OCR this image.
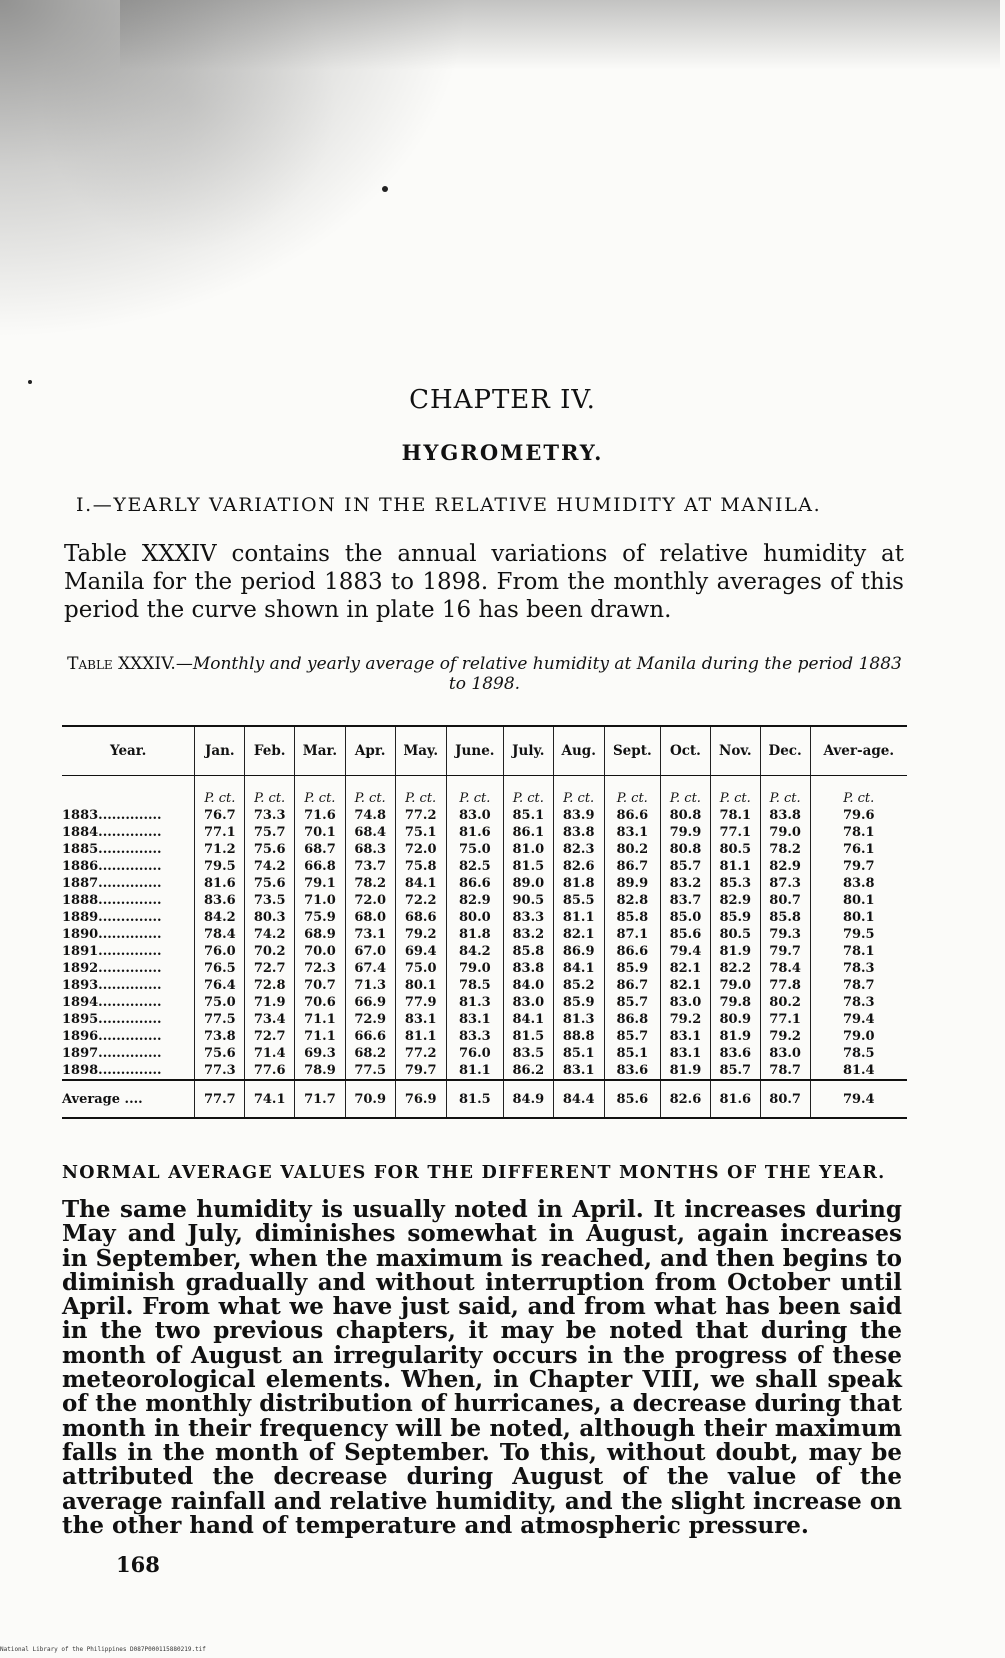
CHAPTER IV.
HYGROMETRY.
I.—YEARLY VARIATION IN THE RELATIVE HUMIDITY AT MANILA.
Table XXXIV contains the annual variations of relative humidity at Manila for the period 1883 to 1898. From the monthly averages of this period the curve shown in plate 16 has been drawn.
Table XXXIV.—Monthly and yearly average of relative humidity at Manila during the period 1883 to 1898.
Year.	Jan.	Feb.	Mar.	Apr.	May.	June.	July.	Aug.	Sept.	Oct.	Nov.	Dec.	Aver-age.
	P. ct.	P. ct.	P. ct.	P. ct.	P. ct.	P. ct.	P. ct.	P. ct.	P. ct.	P. ct.	P. ct.	P. ct.	P. ct.
1883..............	76.7	73.3	71.6	74.8	77.2	83.0	85.1	83.9	86.6	80.8	78.1	83.8	79.6
1884..............	77.1	75.7	70.1	68.4	75.1	81.6	86.1	83.8	83.1	79.9	77.1	79.0	78.1
1885..............	71.2	75.6	68.7	68.3	72.0	75.0	81.0	82.3	80.2	80.8	80.5	78.2	76.1
1886..............	79.5	74.2	66.8	73.7	75.8	82.5	81.5	82.6	86.7	85.7	81.1	82.9	79.7
1887..............	81.6	75.6	79.1	78.2	84.1	86.6	89.0	81.8	89.9	83.2	85.3	87.3	83.8
1888..............	83.6	73.5	71.0	72.0	72.2	82.9	90.5	85.5	82.8	83.7	82.9	80.7	80.1
1889..............	84.2	80.3	75.9	68.0	68.6	80.0	83.3	81.1	85.8	85.0	85.9	85.8	80.1
1890..............	78.4	74.2	68.9	73.1	79.2	81.8	83.2	82.1	87.1	85.6	80.5	79.3	79.5
1891..............	76.0	70.2	70.0	67.0	69.4	84.2	85.8	86.9	86.6	79.4	81.9	79.7	78.1
1892..............	76.5	72.7	72.3	67.4	75.0	79.0	83.8	84.1	85.9	82.1	82.2	78.4	78.3
1893..............	76.4	72.8	70.7	71.3	80.1	78.5	84.0	85.2	86.7	82.1	79.0	77.8	78.7
1894..............	75.0	71.9	70.6	66.9	77.9	81.3	83.0	85.9	85.7	83.0	79.8	80.2	78.3
1895..............	77.5	73.4	71.1	72.9	83.1	83.1	84.1	81.3	86.8	79.2	80.9	77.1	79.4
1896..............	73.8	72.7	71.1	66.6	81.1	83.3	81.5	88.8	85.7	83.1	81.9	79.2	79.0
1897..............	75.6	71.4	69.3	68.2	77.2	76.0	83.5	85.1	85.1	83.1	83.6	83.0	78.5
1898..............	77.3	77.6	78.9	77.5	79.7	81.1	86.2	83.1	83.6	81.9	85.7	78.7	81.4
Average ....	77.7	74.1	71.7	70.9	76.9	81.5	84.9	84.4	85.6	82.6	81.6	80.7	79.4
NORMAL AVERAGE VALUES FOR THE DIFFERENT MONTHS OF THE YEAR.
The same humidity is usually noted in April. It increases during May and July, diminishes somewhat in August, again increases in September, when the maximum is reached, and then begins to diminish gradually and without interruption from October until April. From what we have just said, and from what has been said in the two previous chapters, it may be noted that during the month of August an irregularity occurs in the progress of these meteorological elements. When, in Chapter VIII, we shall speak of the monthly distribution of hurricanes, a decrease during that month in their frequency will be noted, although their maximum falls in the month of September. To this, without doubt, may be attributed the decrease during August of the value of the average rainfall and relative humidity, and the slight increase on the other hand of temperature and atmospheric pressure.
168
National Library of the Philippines D087P000115880219.tif
